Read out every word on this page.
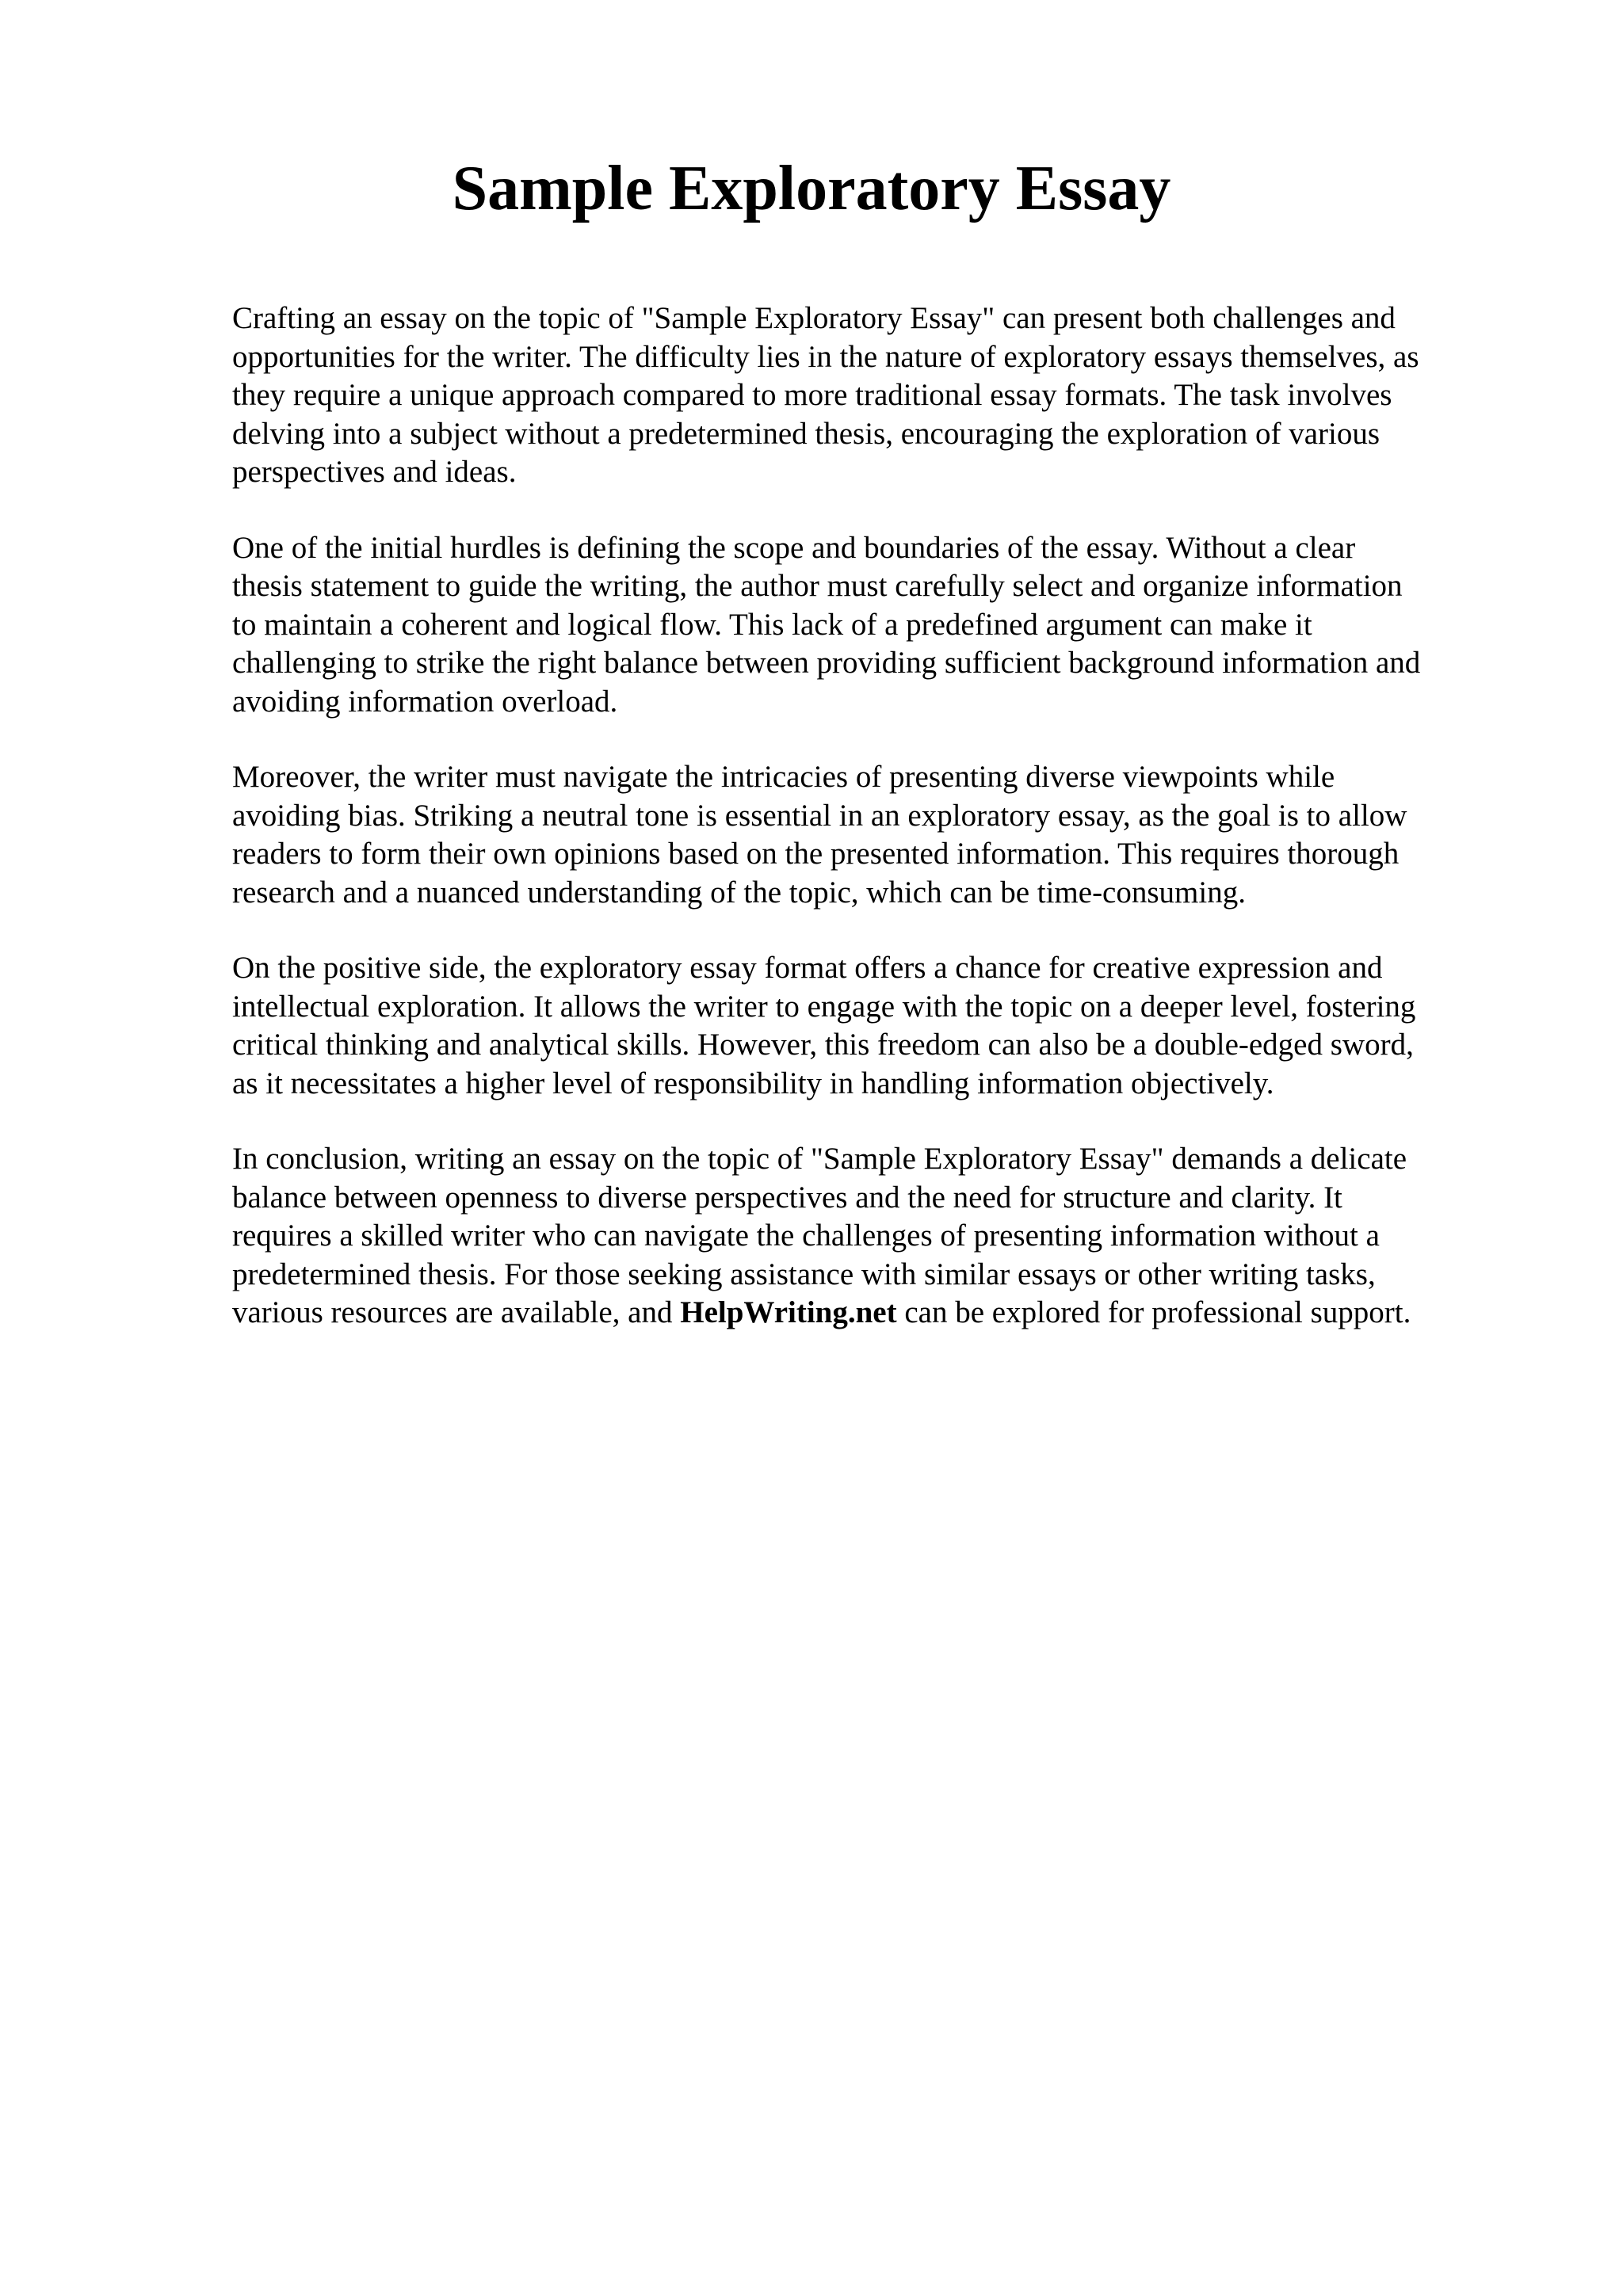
Sample Exploratory Essay

Crafting an essay on the topic of "Sample Exploratory Essay" can present both challenges and
opportunities for the writer. The difficulty lies in the nature of exploratory essays themselves, as
they require a unique approach compared to more traditional essay formats. The task involves
delving into a subject without a predetermined thesis, encouraging the exploration of various
perspectives and ideas.

One of the initial hurdles is defining the scope and boundaries of the essay. Without a clear
thesis statement to guide the writing, the author must carefully select and organize information
to maintain a coherent and logical flow. This lack of a predefined argument can make it
challenging to strike the right balance between providing sufficient background information and
avoiding information overload.

Moreover, the writer must navigate the intricacies of presenting diverse viewpoints while
avoiding bias. Striking a neutral tone is essential in an exploratory essay, as the goal is to allow
readers to form their own opinions based on the presented information. This requires thorough
research and a nuanced understanding of the topic, which can be time-consuming.

On the positive side, the exploratory essay format offers a chance for creative expression and
intellectual exploration. It allows the writer to engage with the topic on a deeper level, fostering
critical thinking and analytical skills. However, this freedom can also be a double-edged sword,
as it necessitates a higher level of responsibility in handling information objectively.

In conclusion, writing an essay on the topic of "Sample Exploratory Essay" demands a delicate
balance between openness to diverse perspectives and the need for structure and clarity. It
requires a skilled writer who can navigate the challenges of presenting information without a
predetermined thesis. For those seeking assistance with similar essays or other writing tasks,
various resources are available, and HelpWriting.net can be explored for professional support.
